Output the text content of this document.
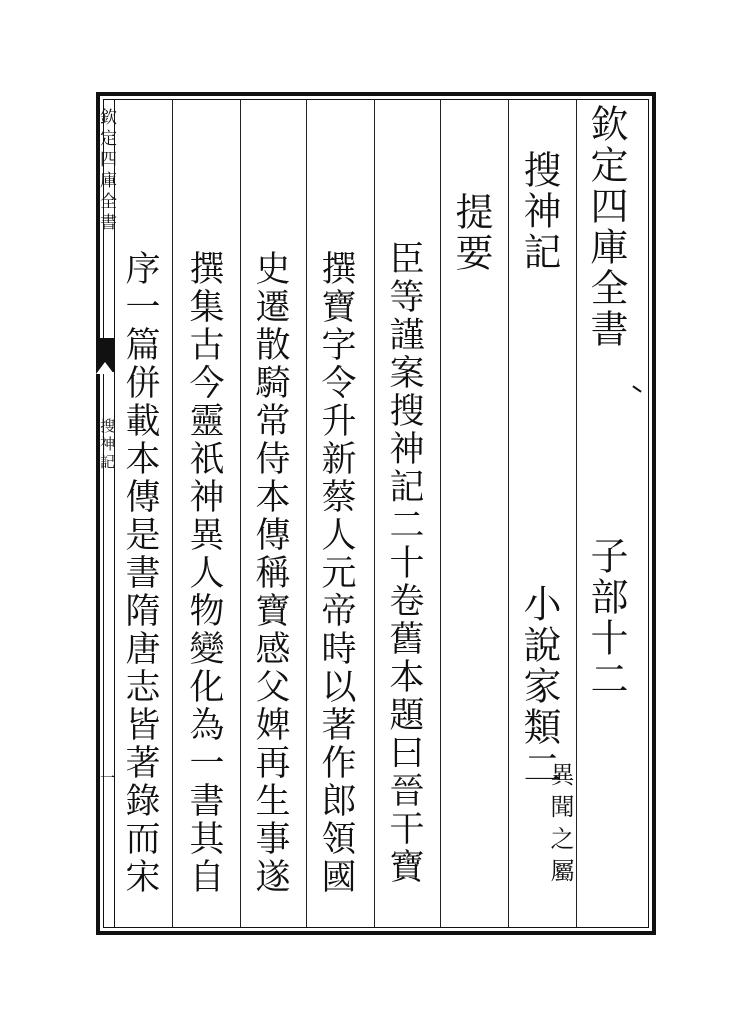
欽定四庫全書
搜神記
一
欽定四庫全書
子部十二
搜神記
小說家類二
異聞之屬
提要
臣等謹案搜神記二十卷舊本題曰晉干寶
撰寶字令升新蔡人元帝時以著作郎領國
史遷散騎常侍本傳稱寶感父婢再生事遂
撰集古今靈祇神異人物變化為一書其自
序一篇併載本傳是書隋唐志皆著錄而宋
